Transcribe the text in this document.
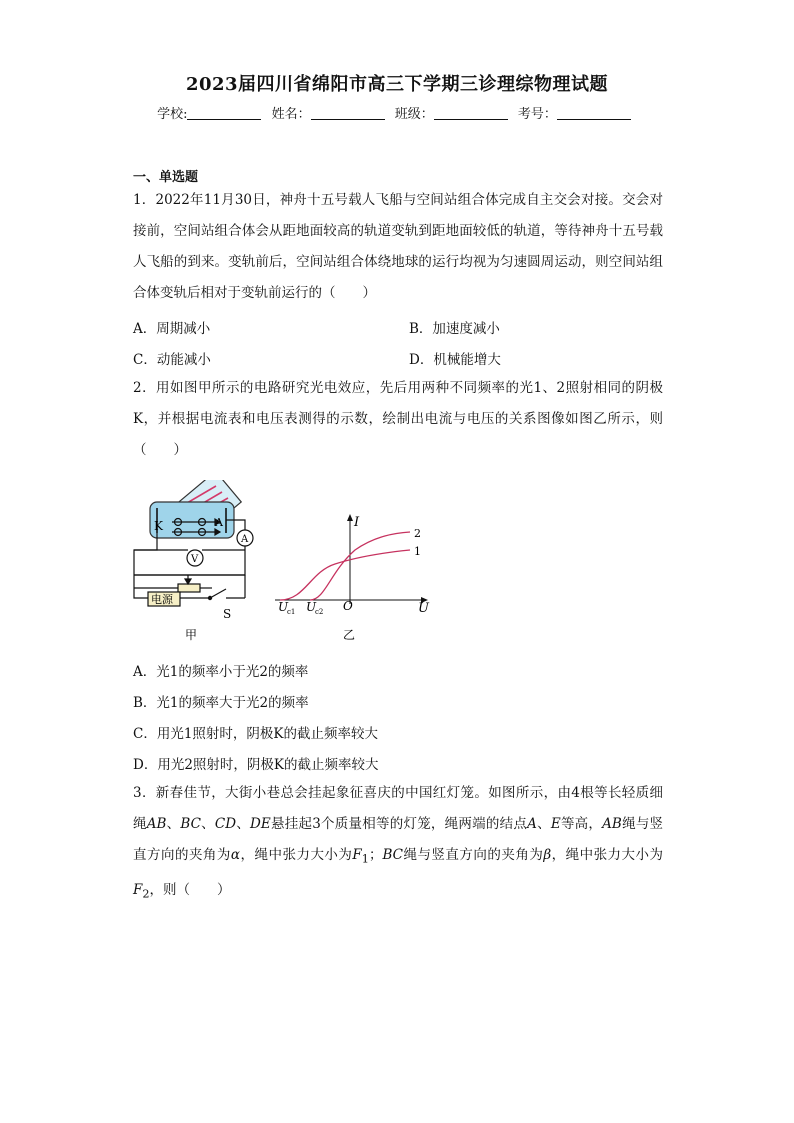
2023届四川省绵阳市高三下学期三诊理综物理试题
学校:	姓名：	班级：	考号：
一、单选题
1．2022年11月30日，神舟十五号载人飞船与空间站组合体完成自主交会对接。交会对接前，空间站组合体会从距地面较高的轨道变轨到距地面较低的轨道，等待神舟十五号载人飞船的到来。变轨前后，空间站组合体绕地球的运行均视为匀速圆周运动，则空间站组合体变轨后相对于变轨前运行的（　　）
A．周期减小	B．加速度减小
C．动能减小	D．机械能增大
2．用如图甲所示的电路研究光电效应，先后用两种不同频率的光1、2照射相同的阴极K，并根据电流表和电压表测得的示数，绘制出电流与电压的关系图像如图乙所示，则（　　）
K	A
A
V
电源
S
甲
I
U
O
2
1
U
c1 U
c2
乙
A．光1的频率小于光2的频率
B．光1的频率大于光2的频率
C．用光1照射时，阴极K的截止频率较大
D．用光2照射时，阴极K的截止频率较大
3．新春佳节，大街小巷总会挂起象征喜庆的中国红灯笼。如图所示，由4根等长轻质细绳AB、BC、CD、DE悬挂起3个质量相等的灯笼，绳两端的结点A、E等高，AB绳与竖直方向的夹角为α，绳中张力大小为$F_1$；BC绳与竖直方向的夹角为β，绳中张力大小为$F_2$，则（　　）
